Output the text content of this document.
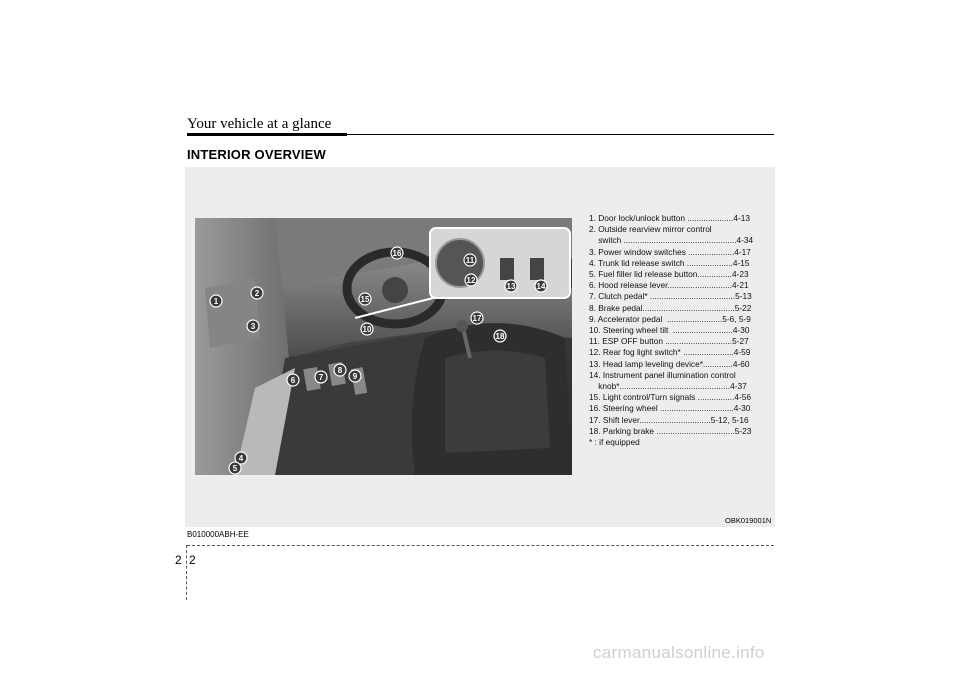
Your vehicle at a glance
INTERIOR OVERVIEW
1
2
3
4
5
6	7
8
9
10
11
12
13	14
15
16
17
18
1. Door lock/unlock button ....................4-13
2. Outside rearview mirror control
switch .................................................4-34
3. Power window switches ....................4-17
4. Trunk lid release switch ....................4-15
5. Fuel filler lid release button...............4-23
6. Hood release lever............................4-21
7. Clutch pedal* .....................................5-13
8. Brake pedal........................................5-22
9. Accelerator pedal  ........................5-6, 5-9
10. Steering wheel tilt  ..........................4-30
11. ESP OFF button .............................5-27
12. Rear fog light switch* ......................4-59
13. Head lamp leveling device*.............4-60
14. Instrument panel illumination control
knob*................................................4-37
15. Light control/Turn signals ................4-56
16. Steering wheel ................................4-30
17. Shift lever...............................5-12, 5-16
18. Parking brake ..................................5-23
* : if equipped
OBK019001N
B010000ABH-EE
2 2
carmanualsonline.info
